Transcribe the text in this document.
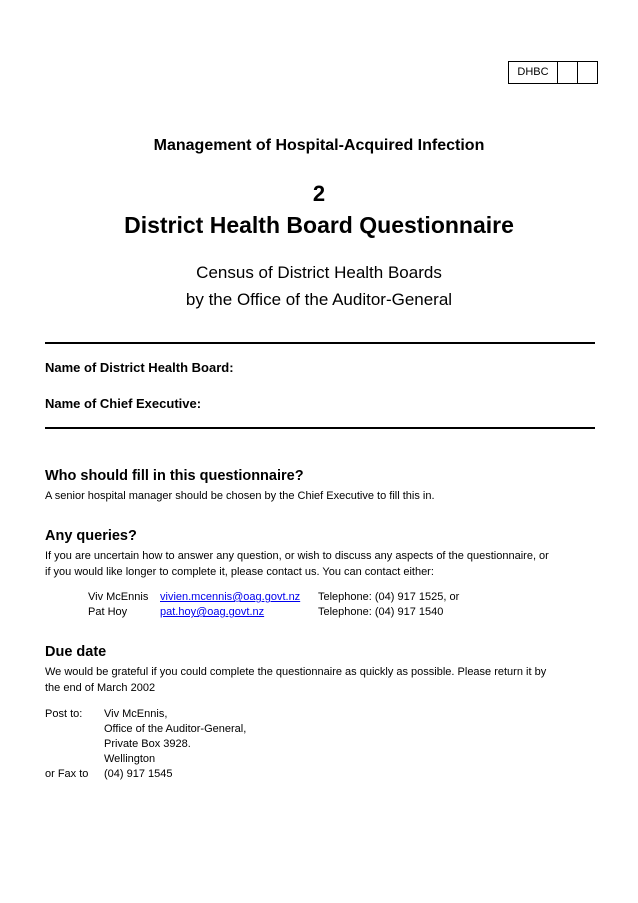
DHBC
Management of Hospital-Acquired Infection
2
District Health Board Questionnaire
Census of District Health Boards
by the Office of the Auditor-General
Name of District Health Board:
Name of Chief Executive:
Who should fill in this questionnaire?
A senior hospital manager should be chosen by the Chief Executive to fill this in.
Any queries?
If you are uncertain how to answer any question, or wish to discuss any aspects of the questionnaire, or
if you would like longer to complete it, please contact us. You can contact either:
Viv McEnnis vivien.mcennis@oag.govt.nz Telephone: (04) 917 1525, or
Pat Hoy	pat.hoy@oag.govt.nz	Telephone: (04) 917 1540
Due date
We would be grateful if you could complete the questionnaire as quickly as possible. Please return it by
the end of March 2002
Post to: Viv McEnnis,
Office of the Auditor-General,
Private Box 3928.
Wellington
or Fax to (04) 917 1545
